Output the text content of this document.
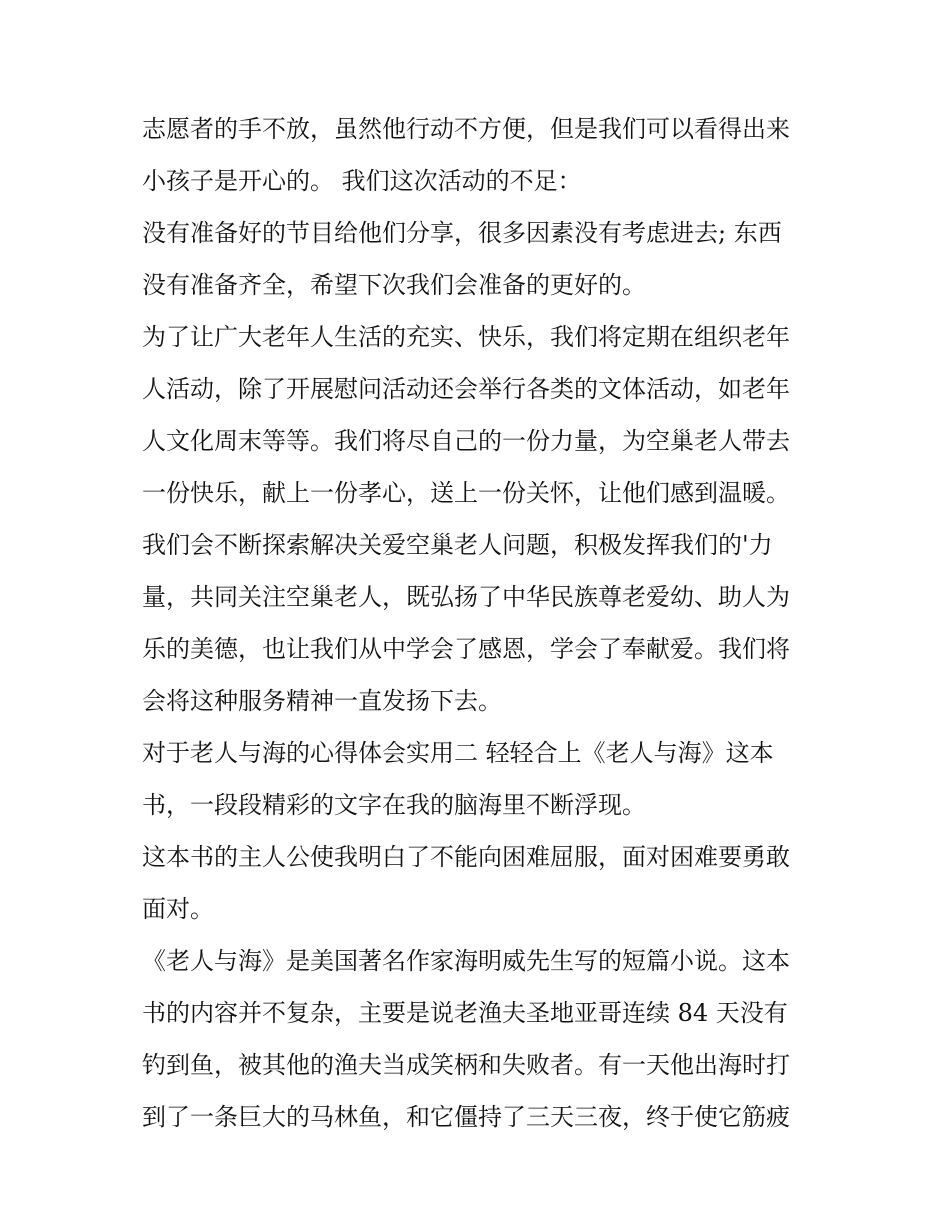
志愿者的手不放，虽然他行动不方便，但是我们可以看得出来
小孩子是开心的。 我们这次活动的不足：
没有准备好的节目给他们分享，很多因素没有考虑进去; 东西
没有准备齐全，希望下次我们会准备的更好的。
为了让广大老年人生活的充实、快乐，我们将定期在组织老年
人活动，除了开展慰问活动还会举行各类的文体活动，如老年
人文化周末等等。我们将尽自己的一份力量，为空巢老人带去
一份快乐，献上一份孝心，送上一份关怀，让他们感到温暖。
我们会不断探索解决关爱空巢老人问题，积极发挥我们的'力
量，共同关注空巢老人，既弘扬了中华民族尊老爱幼、助人为
乐的美德，也让我们从中学会了感恩，学会了奉献爱。我们将
会将这种服务精神一直发扬下去。
对于老人与海的心得体会实用二 轻轻合上《老人与海》这本
书，一段段精彩的文字在我的脑海里不断浮现。
这本书的主人公使我明白了不能向困难屈服，面对困难要勇敢
面对。
《老人与海》是美国著名作家海明威先生写的短篇小说。这本
书的内容并不复杂，主要是说老渔夫圣地亚哥连续 84 天没有
钓到鱼，被其他的渔夫当成笑柄和失败者。有一天他出海时打
到了一条巨大的马林鱼，和它僵持了三天三夜，终于使它筋疲
